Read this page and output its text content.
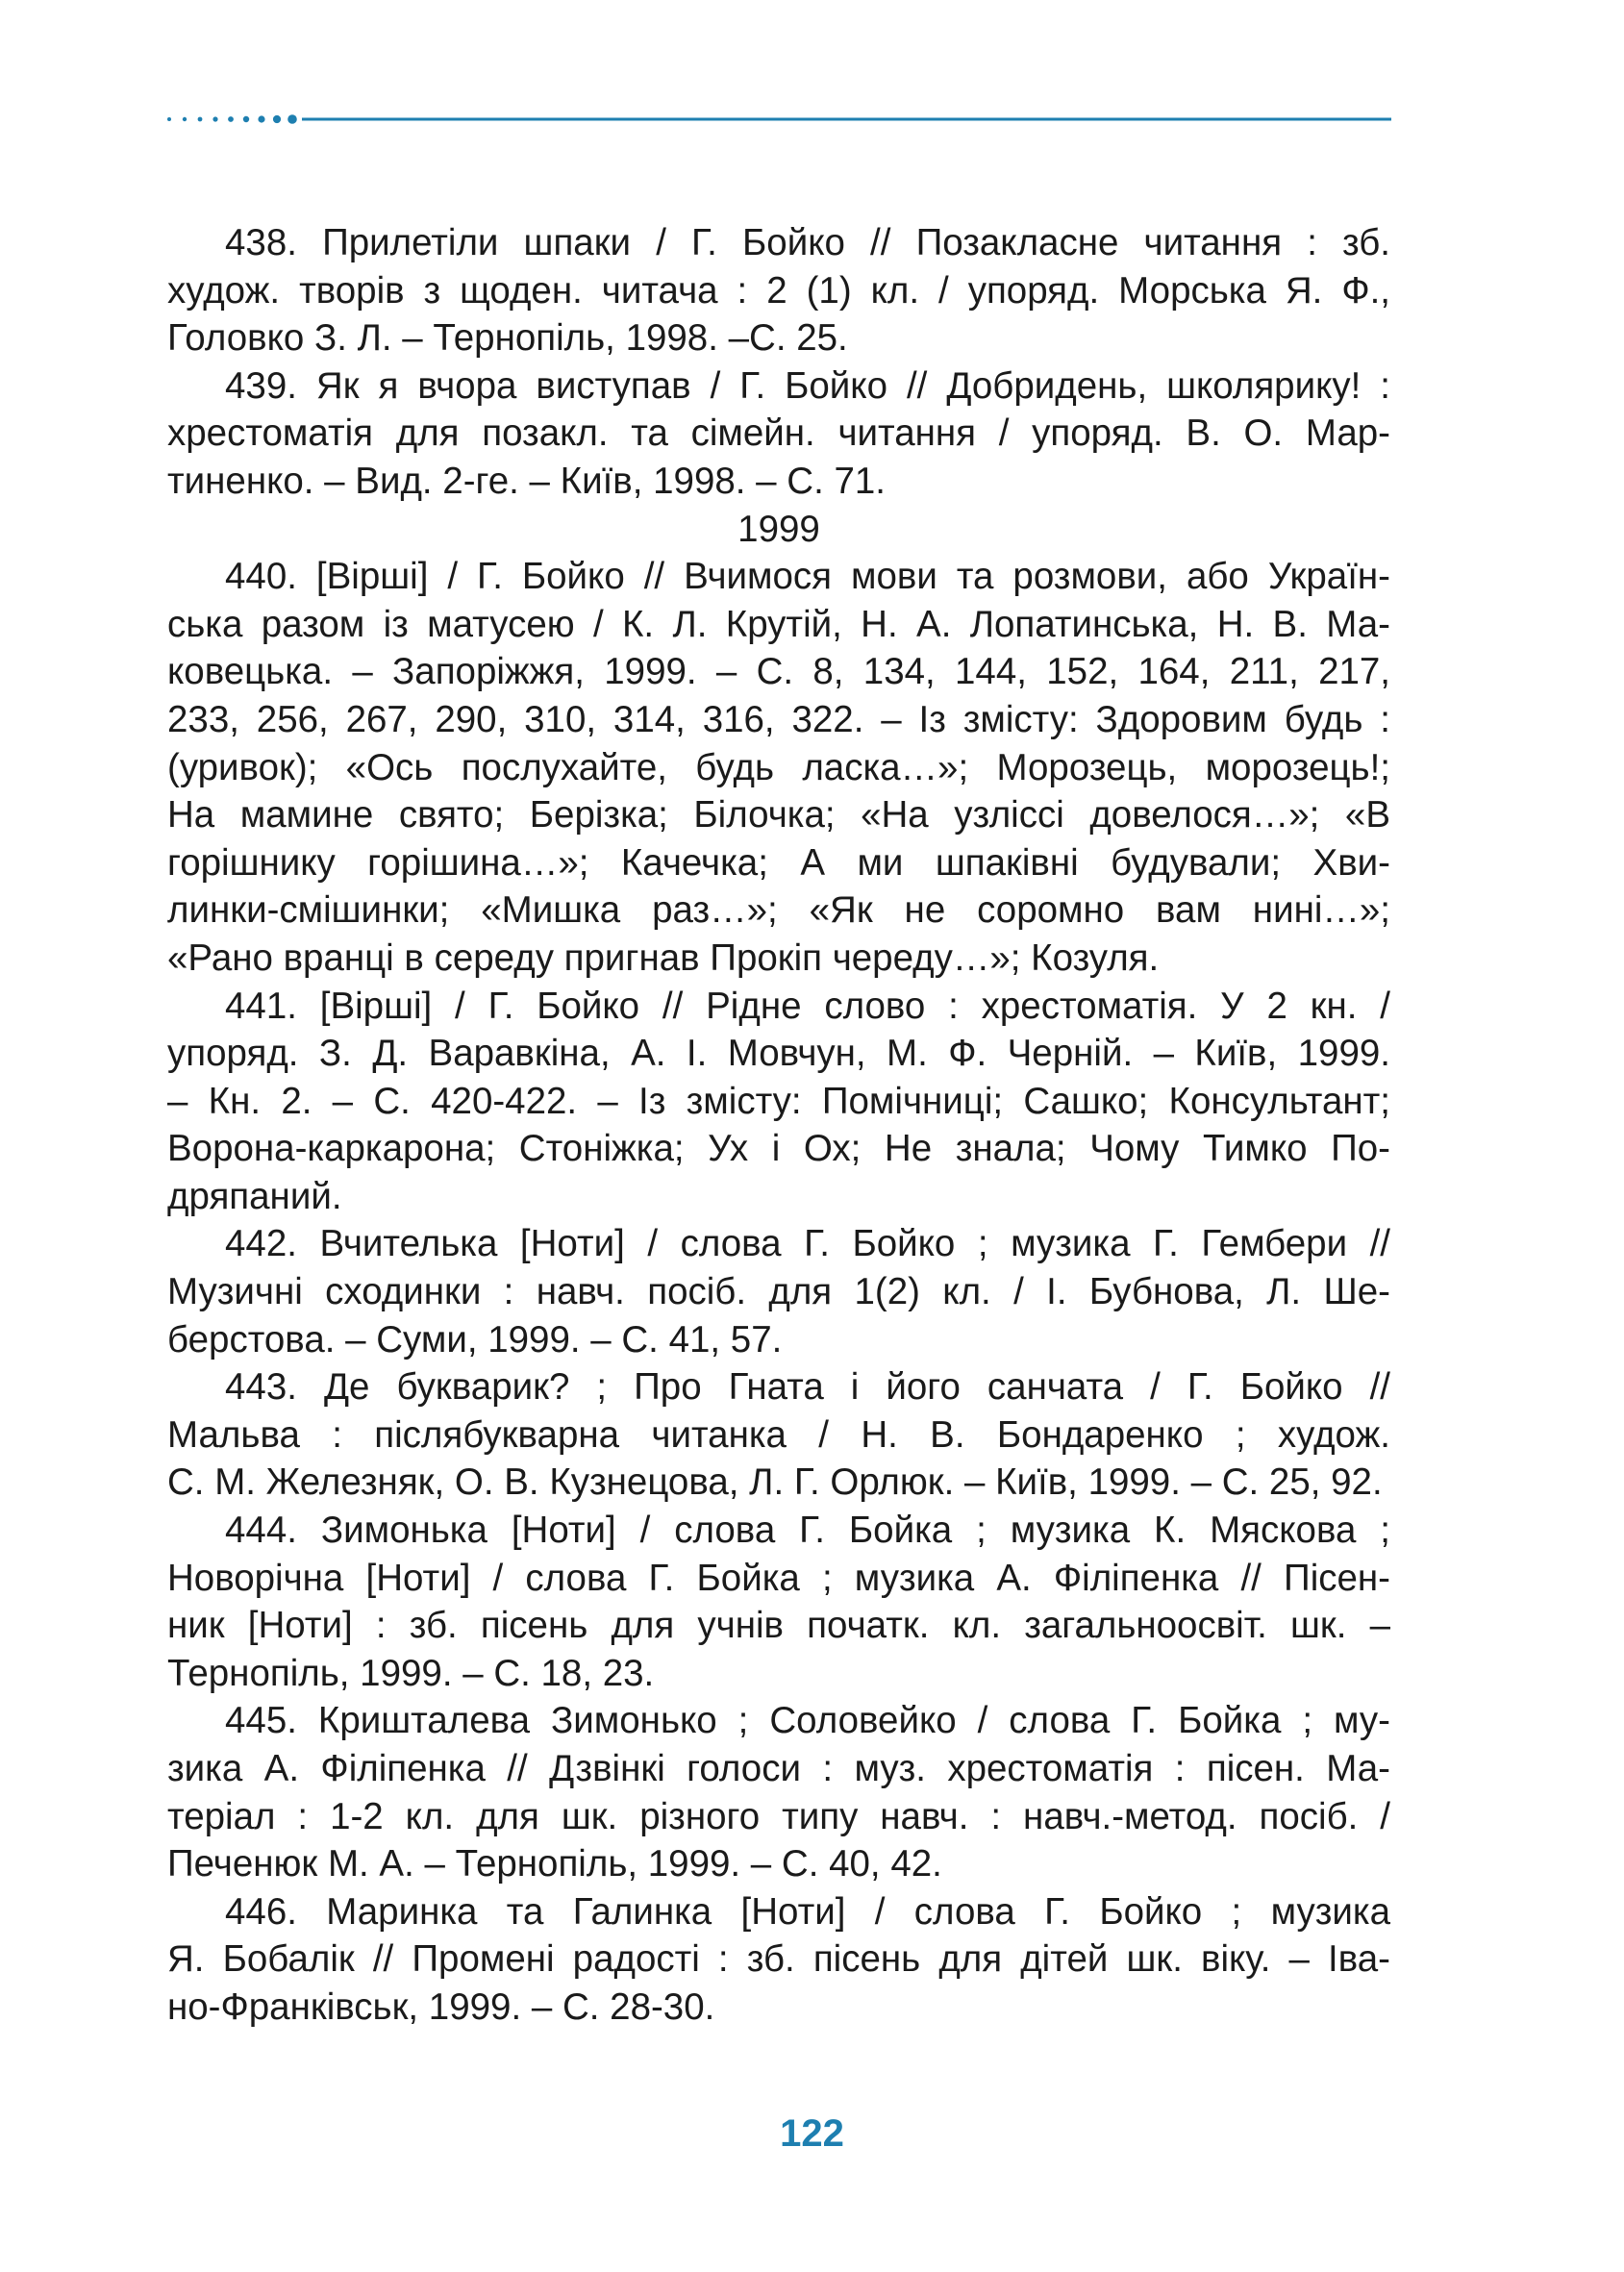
438. Прилетіли шпаки / Г. Бойко // Позакласне читання : зб.
худож. творів з щоден. читача : 2 (1) кл. / упоряд. Морська Я. Ф.,
Головко З. Л. – Тернопіль, 1998. –С. 25.
439. Як я вчора виступав / Г. Бойко // Добридень, школярику! :
хрестоматія для позакл. та сімейн. читання / упоряд. В. О. Мар-
тиненко. – Вид. 2-ге. – Київ, 1998. – С. 71.

1999

440. [Вірші] / Г. Бойко // Вчимося мови та розмови, або Україн-
ська разом із матусею / К. Л. Крутій, Н. А. Лопатинська, Н. В. Ма-
ковецька. – Запоріжжя, 1999. – С. 8, 134, 144, 152, 164, 211, 217,
233, 256, 267, 290, 310, 314, 316, 322. – Із змісту: Здоровим будь :
(уривок); «Ось послухайте, будь ласка…»; Морозець, морозець!;
На мамине свято; Берізка; Білочка; «На узліссі довелося…»; «В
горішнику горішина…»; Качечка; А ми шпаківні будували; Хви-
линки-смішинки; «Мишка раз…»; «Як не соромно вам нині…»;
«Рано вранці в середу пригнав Прокіп череду…»; Козуля.
441. [Вірші] / Г. Бойко // Рідне слово : хрестоматія. У 2 кн. /
упоряд. З. Д. Варавкіна, А. І. Мовчун, М. Ф. Черній. – Київ, 1999.
– Кн. 2. – С. 420-422. – Із змісту: Помічниці; Сашко; Консультант;
Ворона-каркарона; Стоніжка; Ух і Ох; Не знала; Чому Тимко По-
дряпаний.
442. Вчителька [Ноти] / слова Г. Бойко ; музика Г. Гембери //
Музичні сходинки : навч. посіб. для 1(2) кл. / І. Бубнова, Л. Ше-
берстова. – Суми, 1999. – С. 41, 57.
443. Де букварик? ; Про Гната і його санчата / Г. Бойко //
Мальва : післябукварна читанка / Н. В. Бондаренко ; худож.
С. М. Железняк, О. В. Кузнецова, Л. Г. Орлюк. – Київ, 1999. – С. 25, 92.
444. Зимонька [Ноти] / слова Г. Бойка ; музика К. Мяскова ;
Новорічна [Ноти] / слова Г. Бойка ; музика А. Філіпенка // Пісен-
ник [Ноти] : зб. пісень для учнів початк. кл. загальноосвіт. шк. –
Тернопіль, 1999. – С. 18, 23.
445. Кришталева Зимонько ; Соловейко / слова Г. Бойка ; му-
зика А. Філіпенка // Дзвінкі голоси : муз. хрестоматія : пісен. Ма-
теріал : 1-2 кл. для шк. різного типу навч. : навч.-метод. посіб. /
Печенюк М. А. – Тернопіль, 1999. – С. 40, 42.
446. Маринка та Галинка [Ноти] / слова Г. Бойко ; музика
Я. Бобалік // Промені радості : зб. пісень для дітей шк. віку. – Іва-
но-Франківськ, 1999. – С. 28-30.
122
